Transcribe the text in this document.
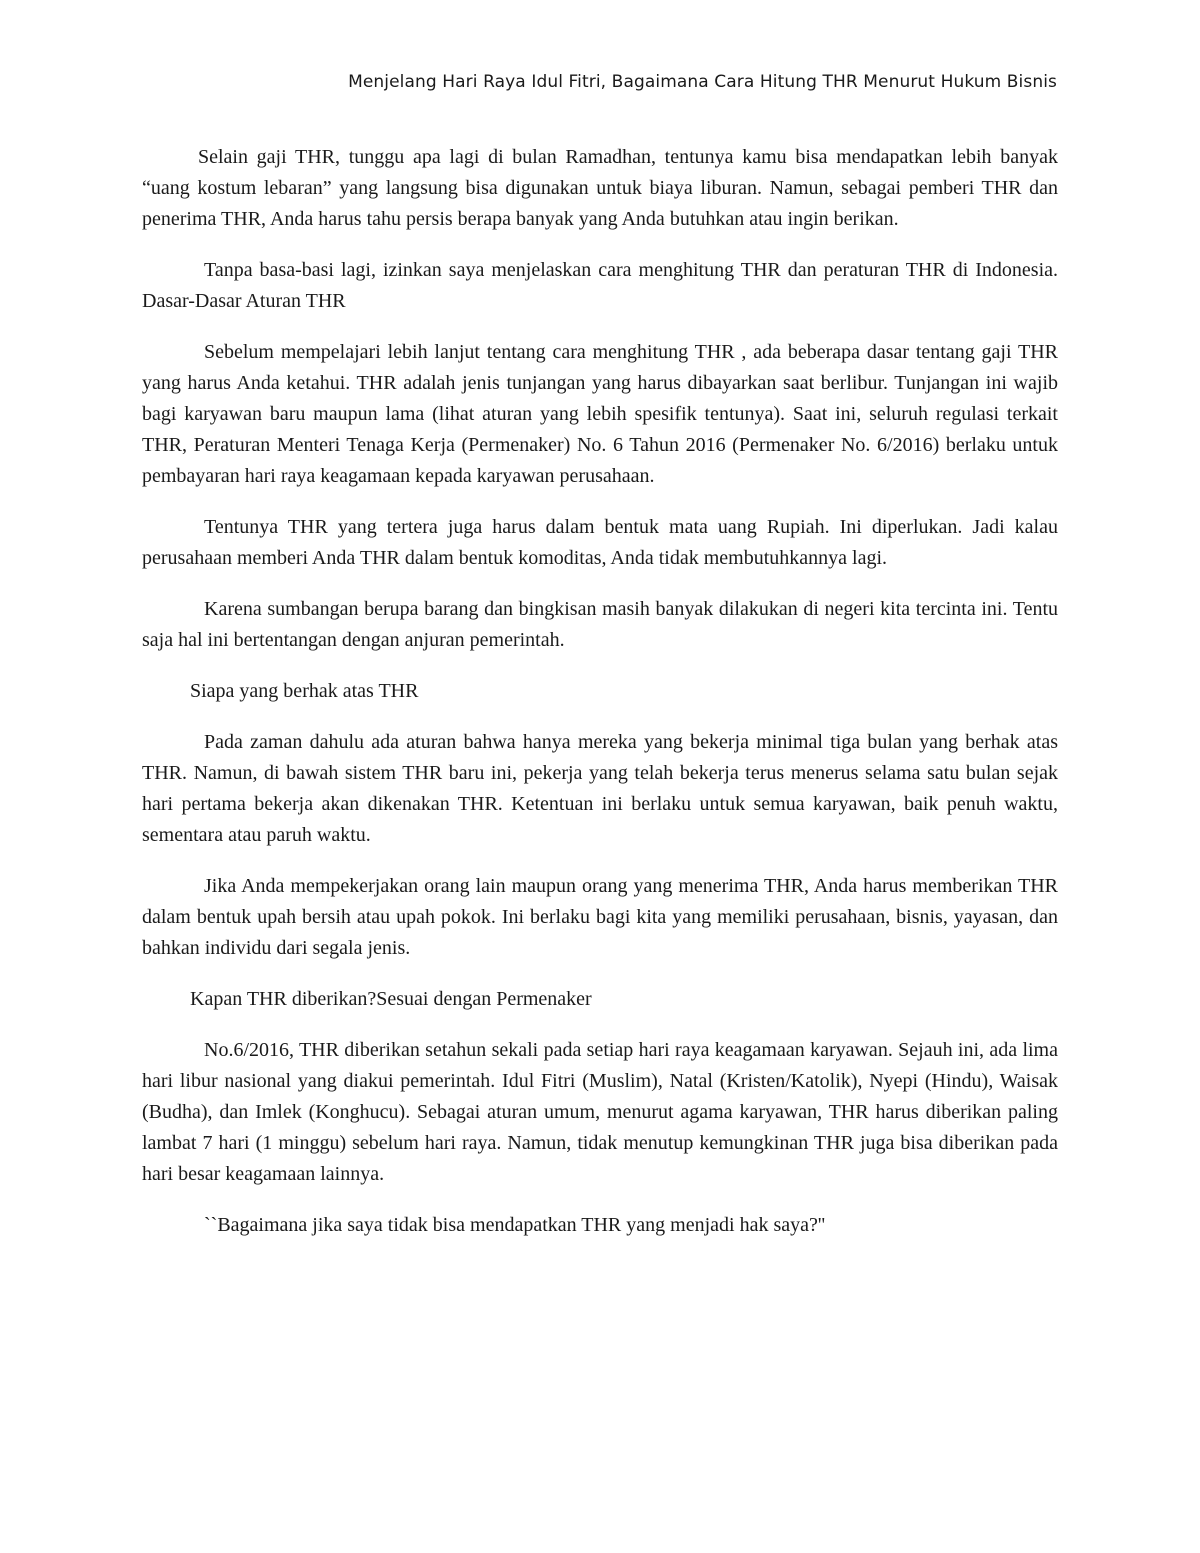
Menjelang Hari Raya Idul Fitri, Bagaimana Cara Hitung THR Menurut Hukum Bisnis

Selain gaji THR, tunggu apa lagi di bulan Ramadhan, tentunya kamu bisa mendapatkan lebih banyak “uang kostum lebaran” yang langsung bisa digunakan untuk biaya liburan. Namun, sebagai pemberi THR dan penerima THR, Anda harus tahu persis berapa banyak yang Anda butuhkan atau ingin berikan.

Tanpa basa-basi lagi, izinkan saya menjelaskan cara menghitung THR dan peraturan THR di Indonesia. Dasar-Dasar Aturan THR

Sebelum mempelajari lebih lanjut tentang cara menghitung THR , ada beberapa dasar tentang gaji THR yang harus Anda ketahui. THR adalah jenis tunjangan yang harus dibayarkan saat berlibur. Tunjangan ini wajib bagi karyawan baru maupun lama (lihat aturan yang lebih spesifik tentunya). Saat ini, seluruh regulasi terkait THR, Peraturan Menteri Tenaga Kerja (Permenaker) No. 6 Tahun 2016 (Permenaker No. 6/2016) berlaku untuk pembayaran hari raya keagamaan kepada karyawan perusahaan.

Tentunya THR yang tertera juga harus dalam bentuk mata uang Rupiah. Ini diperlukan. Jadi kalau perusahaan memberi Anda THR dalam bentuk komoditas, Anda tidak membutuhkannya lagi.

Karena sumbangan berupa barang dan bingkisan masih banyak dilakukan di negeri kita tercinta ini. Tentu saja hal ini bertentangan dengan anjuran pemerintah.

Siapa yang berhak atas THR

Pada zaman dahulu ada aturan bahwa hanya mereka yang bekerja minimal tiga bulan yang berhak atas THR. Namun, di bawah sistem THR baru ini, pekerja yang telah bekerja terus menerus selama satu bulan sejak hari pertama bekerja akan dikenakan THR. Ketentuan ini berlaku untuk semua karyawan, baik penuh waktu, sementara atau paruh waktu.

Jika Anda mempekerjakan orang lain maupun orang yang menerima THR, Anda harus memberikan THR dalam bentuk upah bersih atau upah pokok. Ini berlaku bagi kita yang memiliki perusahaan, bisnis, yayasan, dan bahkan individu dari segala jenis.

Kapan THR diberikan?Sesuai dengan Permenaker

No.6/2016, THR diberikan setahun sekali pada setiap hari raya keagamaan karyawan. Sejauh ini, ada lima hari libur nasional yang diakui pemerintah. Idul Fitri (Muslim), Natal (Kristen/Katolik), Nyepi (Hindu), Waisak (Budha), dan Imlek (Konghucu). Sebagai aturan umum, menurut agama karyawan, THR harus diberikan paling lambat 7 hari (1 minggu) sebelum hari raya. Namun, tidak menutup kemungkinan THR juga bisa diberikan pada hari besar keagamaan lainnya.

``Bagaimana jika saya tidak bisa mendapatkan THR yang menjadi hak saya?''
